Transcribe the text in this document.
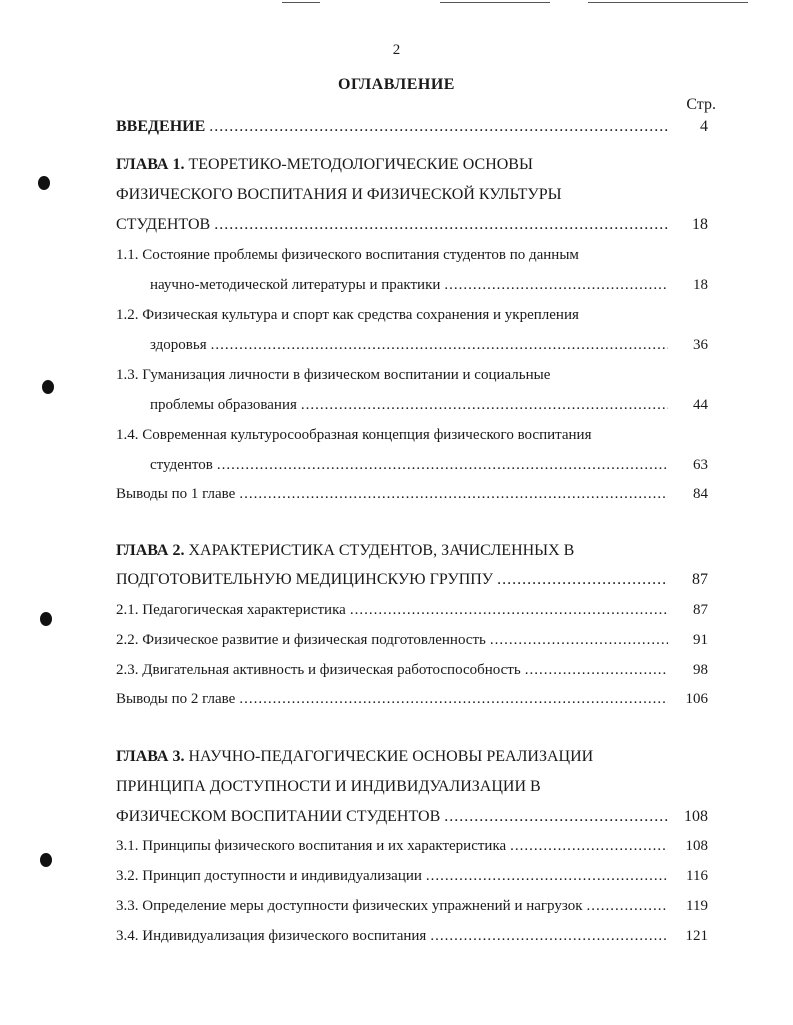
2
ОГЛАВЛЕНИЕ
Стр.
ВВЕДЕНИЕ .....	4
ГЛАВА 1. ТЕОРЕТИКО-МЕТОДОЛОГИЧЕСКИЕ ОСНОВЫ
ФИЗИЧЕСКОГО ВОСПИТАНИЯ И ФИЗИЧЕСКОЙ КУЛЬТУРЫ
СТУДЕНТОВ .....	18
1.1. Состояние проблемы физического воспитания студентов по данным
научно-методической литературы и практики .....	18
1.2. Физическая культура и спорт как средства сохранения и укрепления
здоровья .....	36
1.3. Гуманизация личности в физическом воспитании и социальные
проблемы образования .....	44
1.4. Современная культуросообразная концепция физического воспитания
студентов .....	63
Выводы по 1 главе .....	84
ГЛАВА 2. ХАРАКТЕРИСТИКА СТУДЕНТОВ, ЗАЧИСЛЕННЫХ В
ПОДГОТОВИТЕЛЬНУЮ МЕДИЦИНСКУЮ ГРУППУ .....	87
2.1. Педагогическая характеристика .....	87
2.2. Физическое развитие и физическая подготовленность .....	91
2.3. Двигательная активность и физическая работоспособность .....	98
Выводы по 2 главе .....	106
ГЛАВА 3. НАУЧНО-ПЕДАГОГИЧЕСКИЕ ОСНОВЫ РЕАЛИЗАЦИИ
ПРИНЦИПА ДОСТУПНОСТИ И ИНДИВИДУАЛИЗАЦИИ В
ФИЗИЧЕСКОМ ВОСПИТАНИИ СТУДЕНТОВ .....	108
3.1. Принципы физического воспитания и их характеристика .....	108
3.2. Принцип доступности и индивидуализации .....	116
3.3. Определение меры доступности физических упражнений и нагрузок .....	119
3.4. Индивидуализация физического воспитания .....	121
